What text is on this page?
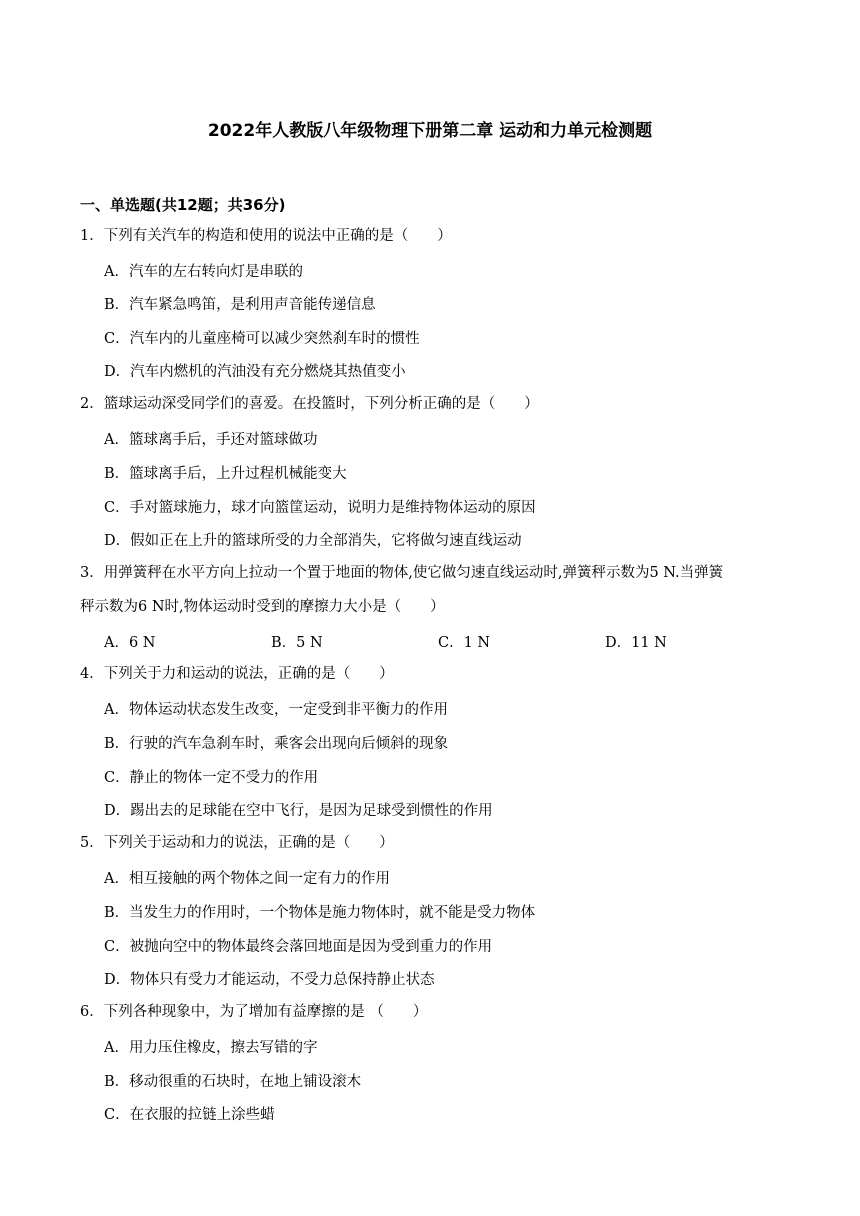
2022年人教版八年级物理下册第二章 运动和力单元检测题
一、单选题(共12题；共36分)
1．下列有关汽车的构造和使用的说法中正确的是（　　）
A．汽车的左右转向灯是串联的
B．汽车紧急鸣笛，是利用声音能传递信息
C．汽车内的儿童座椅可以减少突然刹车时的惯性
D．汽车内燃机的汽油没有充分燃烧其热值变小
2．篮球运动深受同学们的喜爱。在投篮时，下列分析正确的是（　　）
A．篮球离手后，手还对篮球做功
B．篮球离手后，上升过程机械能变大
C．手对篮球施力，球才向篮筐运动，说明力是维持物体运动的原因
D．假如正在上升的篮球所受的力全部消失，它将做匀速直线运动
3．用弹簧秤在水平方向上拉动一个置于地面的物体,使它做匀速直线运动时,弹簧秤示数为5 N.当弹簧
秤示数为6 N时,物体运动时受到的摩擦力大小是（　　）
A．6 N	B．5 N	C．1 N	D．11 N
4．下列关于力和运动的说法，正确的是（　　）
A．物体运动状态发生改变，一定受到非平衡力的作用
B．行驶的汽车急刹车时，乘客会出现向后倾斜的现象
C．静止的物体一定不受力的作用
D．踢出去的足球能在空中飞行，是因为足球受到惯性的作用
5．下列关于运动和力的说法，正确的是（　　）
A．相互接触的两个物体之间一定有力的作用
B．当发生力的作用时，一个物体是施力物体时，就不能是受力物体
C．被抛向空中的物体最终会落回地面是因为受到重力的作用
D．物体只有受力才能运动，不受力总保持静止状态
6．下列各种现象中，为了增加有益摩擦的是 （　　）
A．用力压住橡皮，擦去写错的字
B．移动很重的石块时，在地上铺设滚木
C．在衣服的拉链上涂些蜡
